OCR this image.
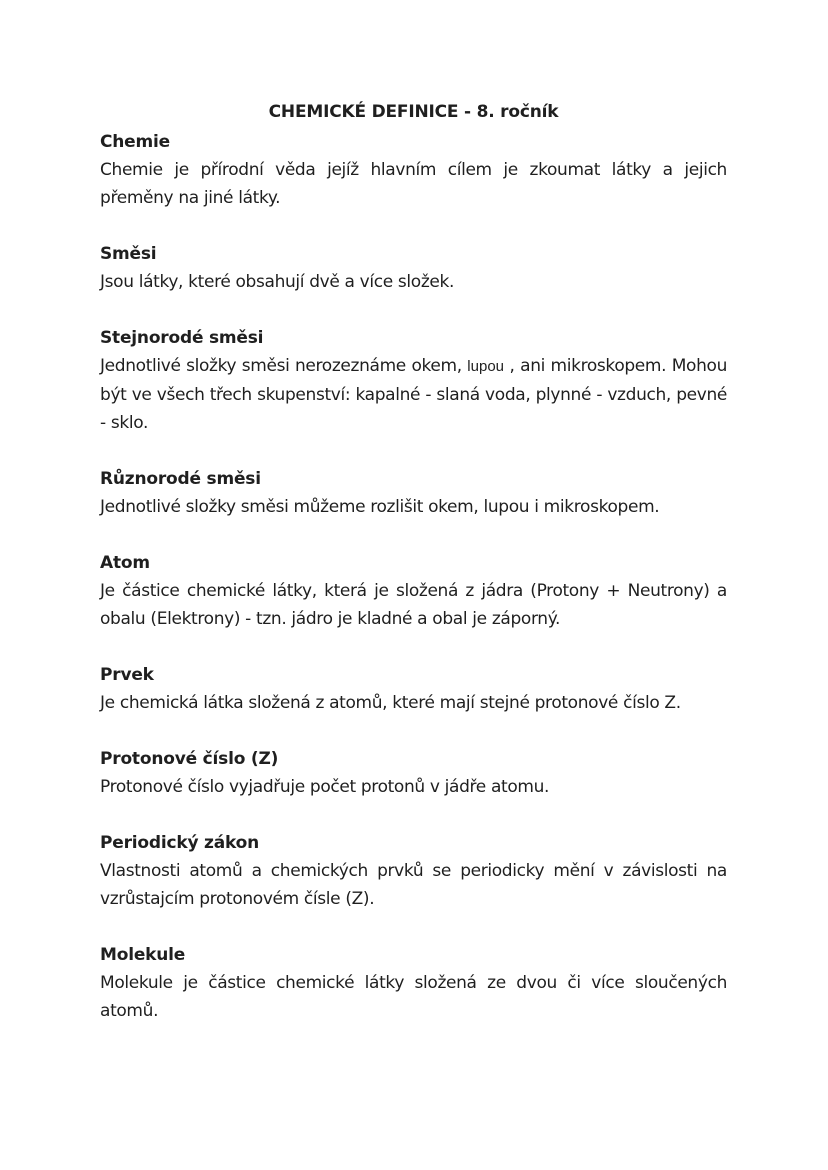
CHEMICKÉ DEFINICE - 8. ročník

Chemie

Chemie je přírodní věda jejíž hlavním cílem je zkoumat látky a jejich přeměny na jiné látky.

Směsi

Jsou látky, které obsahují dvě a více složek.

Stejnorodé směsi

Jednotlivé složky směsi nerozeznáme okem, lupou , ani mikroskopem. Mohou být ve všech třech skupenství: kapalné - slaná voda, plynné - vzduch, pevné - sklo.

Různorodé směsi

Jednotlivé složky směsi můžeme rozlišit okem, lupou i mikroskopem.

Atom

Je částice chemické látky, která je složená z jádra (Protony + Neutrony) a obalu (Elektrony) - tzn. jádro je kladné a obal je záporný.

Prvek

Je chemická látka složená z atomů, které mají stejné protonové číslo Z.

Protonové číslo (Z)

Protonové číslo vyjadřuje počet protonů v jádře atomu.

Periodický zákon

Vlastnosti atomů a chemických prvků se periodicky mění v závislosti na vzrůstajcím protonovém čísle (Z).

Molekule

Molekule je částice chemické látky složená ze dvou či více sloučených atomů.
